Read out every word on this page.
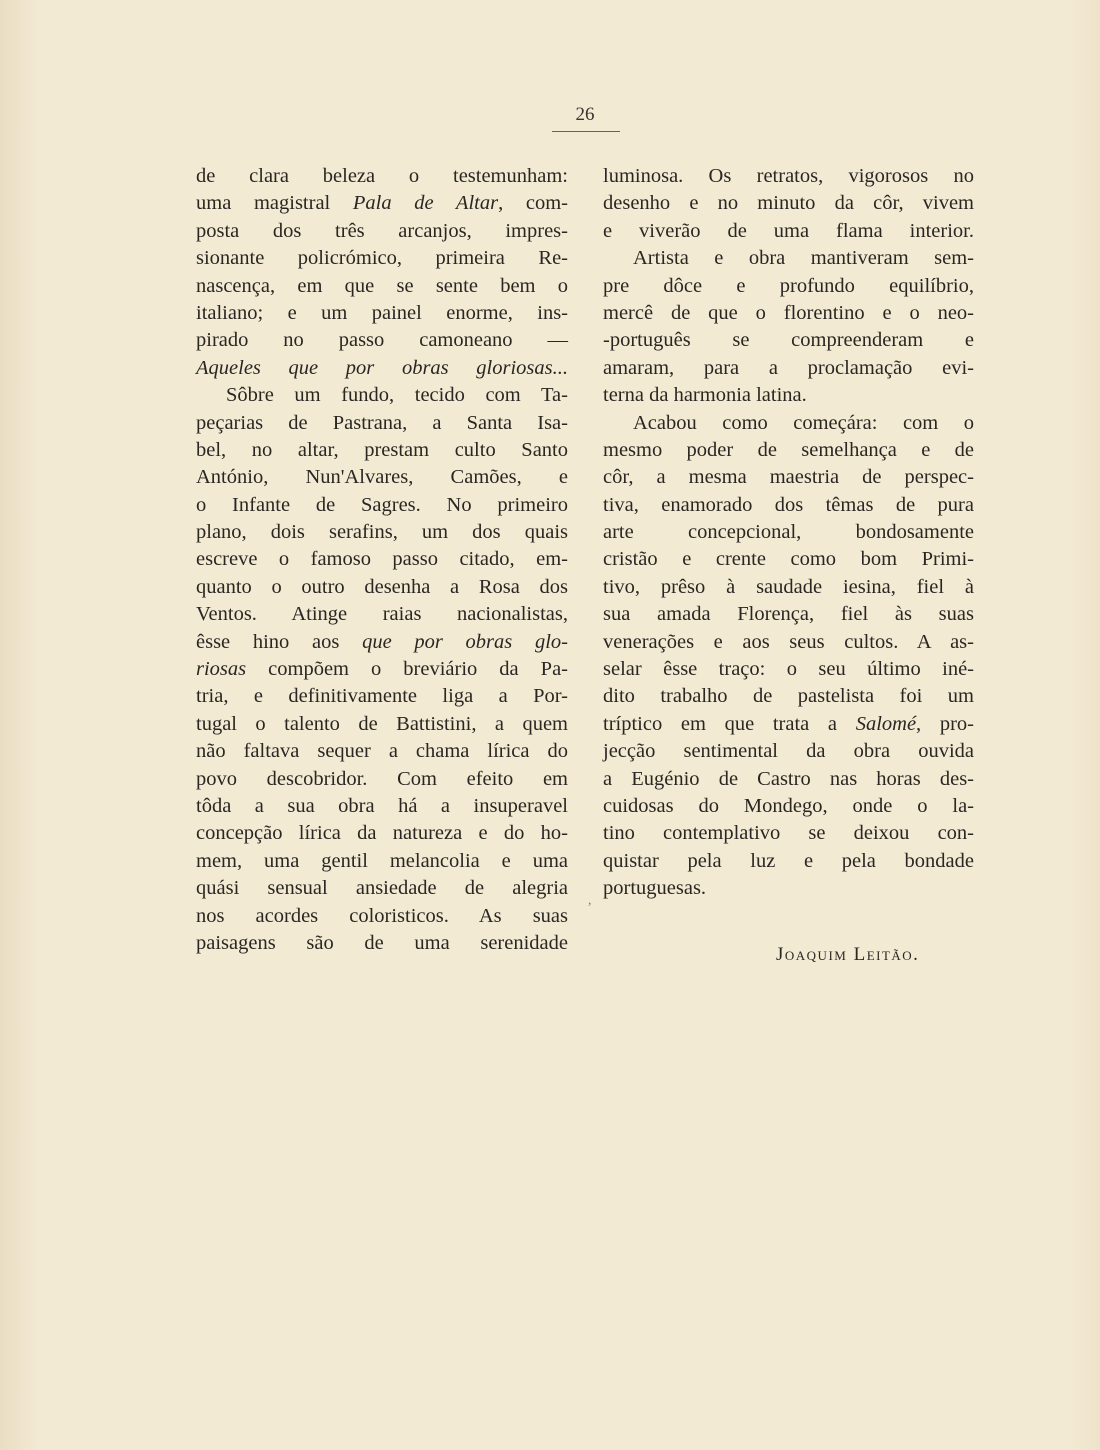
26
de clara beleza o testemunham:
uma magistral Pala de Altar, com-
posta dos três arcanjos, impres-
sionante policrómico, primeira Re-
nascença, em que se sente bem o
italiano; e um painel enorme, ins-
pirado no passo camoneano —
Aqueles que por obras gloriosas...
Sôbre um fundo, tecido com Ta-
peçarias de Pastrana, a Santa Isa-
bel, no altar, prestam culto Santo
António, Nun'Alvares, Camões, e
o Infante de Sagres. No primeiro
plano, dois serafins, um dos quais
escreve o famoso passo citado, em-
quanto o outro desenha a Rosa dos
Ventos. Atinge raias nacionalistas,
êsse hino aos que por obras glo-
riosas compõem o breviário da Pa-
tria, e definitivamente liga a Por-
tugal o talento de Battistini, a quem
não faltava sequer a chama lírica do
povo descobridor. Com efeito em
tôda a sua obra há a insuperavel
concepção lírica da natureza e do ho-
mem, uma gentil melancolia e uma
quási sensual ansiedade de alegria
nos acordes coloristicos. As suas
paisagens são de uma serenidade
luminosa. Os retratos, vigorosos no
desenho e no minuto da côr, vivem
e viverão de uma flama interior.
Artista e obra mantiveram sem-
pre dôce e profundo equilíbrio,
mercê de que o florentino e o neo-
-português se compreenderam e
amaram, para a proclamação evi-
terna da harmonia latina.
Acabou como começára: com o
mesmo poder de semelhança e de
côr, a mesma maestria de perspec-
tiva, enamorado dos têmas de pura
arte concepcional, bondosamente
cristão e crente como bom Primi-
tivo, prêso à saudade iesina, fiel à
sua amada Florença, fiel às suas
venerações e aos seus cultos. A as-
selar êsse traço: o seu último iné-
dito trabalho de pastelista foi um
tríptico em que trata a Salomé, pro-
jecção sentimental da obra ouvida
a Eugénio de Castro nas horas des-
cuidosas do Mondego, onde o la-
tino contemplativo se deixou con-
quistar pela luz e pela bondade
portuguesas.
Joaquim Leitão.
,
